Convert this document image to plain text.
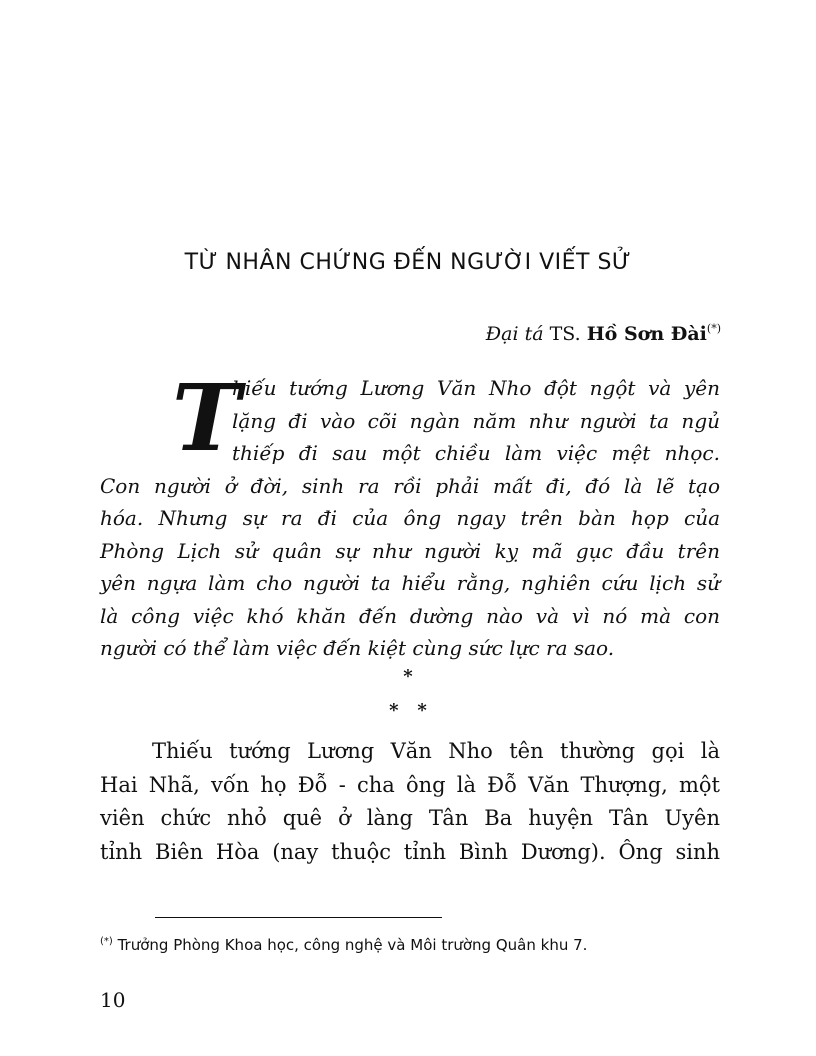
TỪ NHÂN CHỨNG ĐẾN NGƯỜI VIẾT SỬ
Đại tá TS. Hồ Sơn Đài(*)
T
hiếu tướng Lương Văn Nho đột ngột và yên
lặng đi vào cõi ngàn năm như người ta ngủ
thiếp đi sau một chiều làm việc mệt nhọc.
Con người ở đời, sinh ra rồi phải mất đi, đó là lẽ tạo
hóa. Nhưng sự ra đi của ông ngay trên bàn họp của
Phòng Lịch sử quân sự như người kỵ mã gục đầu trên
yên ngựa làm cho người ta hiểu rằng, nghiên cứu lịch sử
là công việc khó khăn đến dường nào và vì nó mà con
người có thể làm việc đến kiệt cùng sức lực ra sao.
*
*   *
Thiếu tướng Lương Văn Nho tên thường gọi là
Hai Nhã, vốn họ Đỗ - cha ông là Đỗ Văn Thượng, một
viên chức nhỏ quê ở làng Tân Ba huyện Tân Uyên
tỉnh Biên Hòa (nay thuộc tỉnh Bình Dương). Ông sinh
(*) Trưởng Phòng Khoa học, công nghệ và Môi trường Quân khu 7.
10
